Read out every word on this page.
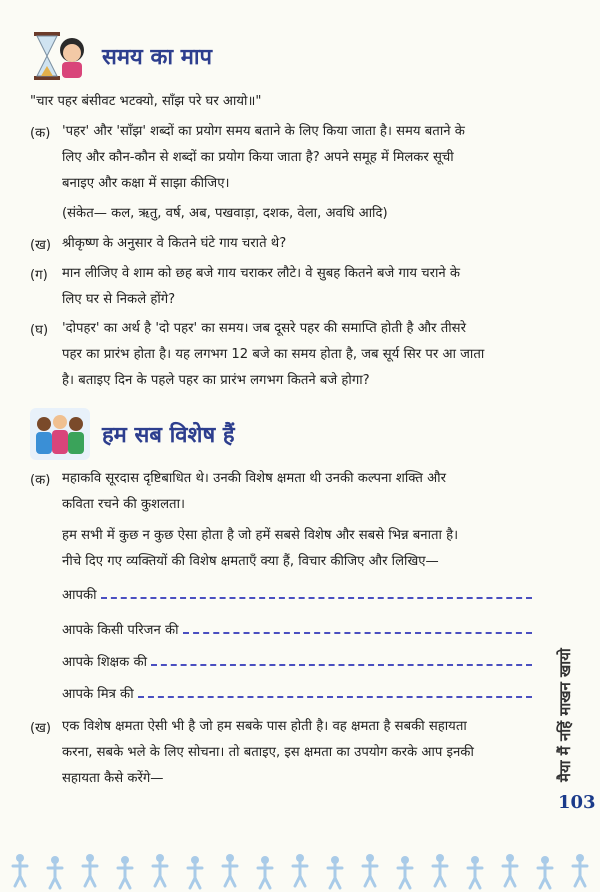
समय का माप
"चार पहर बंसीवट भटक्यो, साँझ परे घर आयो॥"
(क) 'पहर' और 'साँझ' शब्दों का प्रयोग समय बताने के लिए किया जाता है। समय बताने के
लिए और कौन-कौन से शब्दों का प्रयोग किया जाता है? अपने समूह में मिलकर सूची
बनाइए और कक्षा में साझा कीजिए।
(संकेत— कल, ऋतु, वर्ष, अब, पखवाड़ा, दशक, वेला, अवधि आदि)
(ख) श्रीकृष्ण के अनुसार वे कितने घंटे गाय चराते थे?
(ग) मान लीजिए वे शाम को छह बजे गाय चराकर लौटे। वे सुबह कितने बजे गाय चराने के
लिए घर से निकले होंगे?
(घ) 'दोपहर' का अर्थ है 'दो पहर' का समय। जब दूसरे पहर की समाप्ति होती है और तीसरे
पहर का प्रारंभ होता है। यह लगभग 12 बजे का समय होता है, जब सूर्य सिर पर आ जाता
है। बताइए दिन के पहले पहर का प्रारंभ लगभग कितने बजे होगा?
हम सब विशेष हैं
(क) महाकवि सूरदास दृष्टिबाधित थे। उनकी विशेष क्षमता थी उनकी कल्पना शक्ति और
कविता रचने की कुशलता।
हम सभी में कुछ न कुछ ऐसा होता है जो हमें सबसे विशेष और सबसे भिन्न बनाता है।
नीचे दिए गए व्यक्तियों की विशेष क्षमताएँ क्या हैं, विचार कीजिए और लिखिए—
आपकी
आपके किसी परिजन की
आपके शिक्षक की
आपके मित्र की
(ख) एक विशेष क्षमता ऐसी भी है जो हम सबके पास होती है। वह क्षमता है सबकी सहायता
करना, सबके भले के लिए सोचना। तो बताइए, इस क्षमता का उपयोग करके आप इनकी
सहायता कैसे करेंगे—	मैया मैं नहिं माखन खायो
103
